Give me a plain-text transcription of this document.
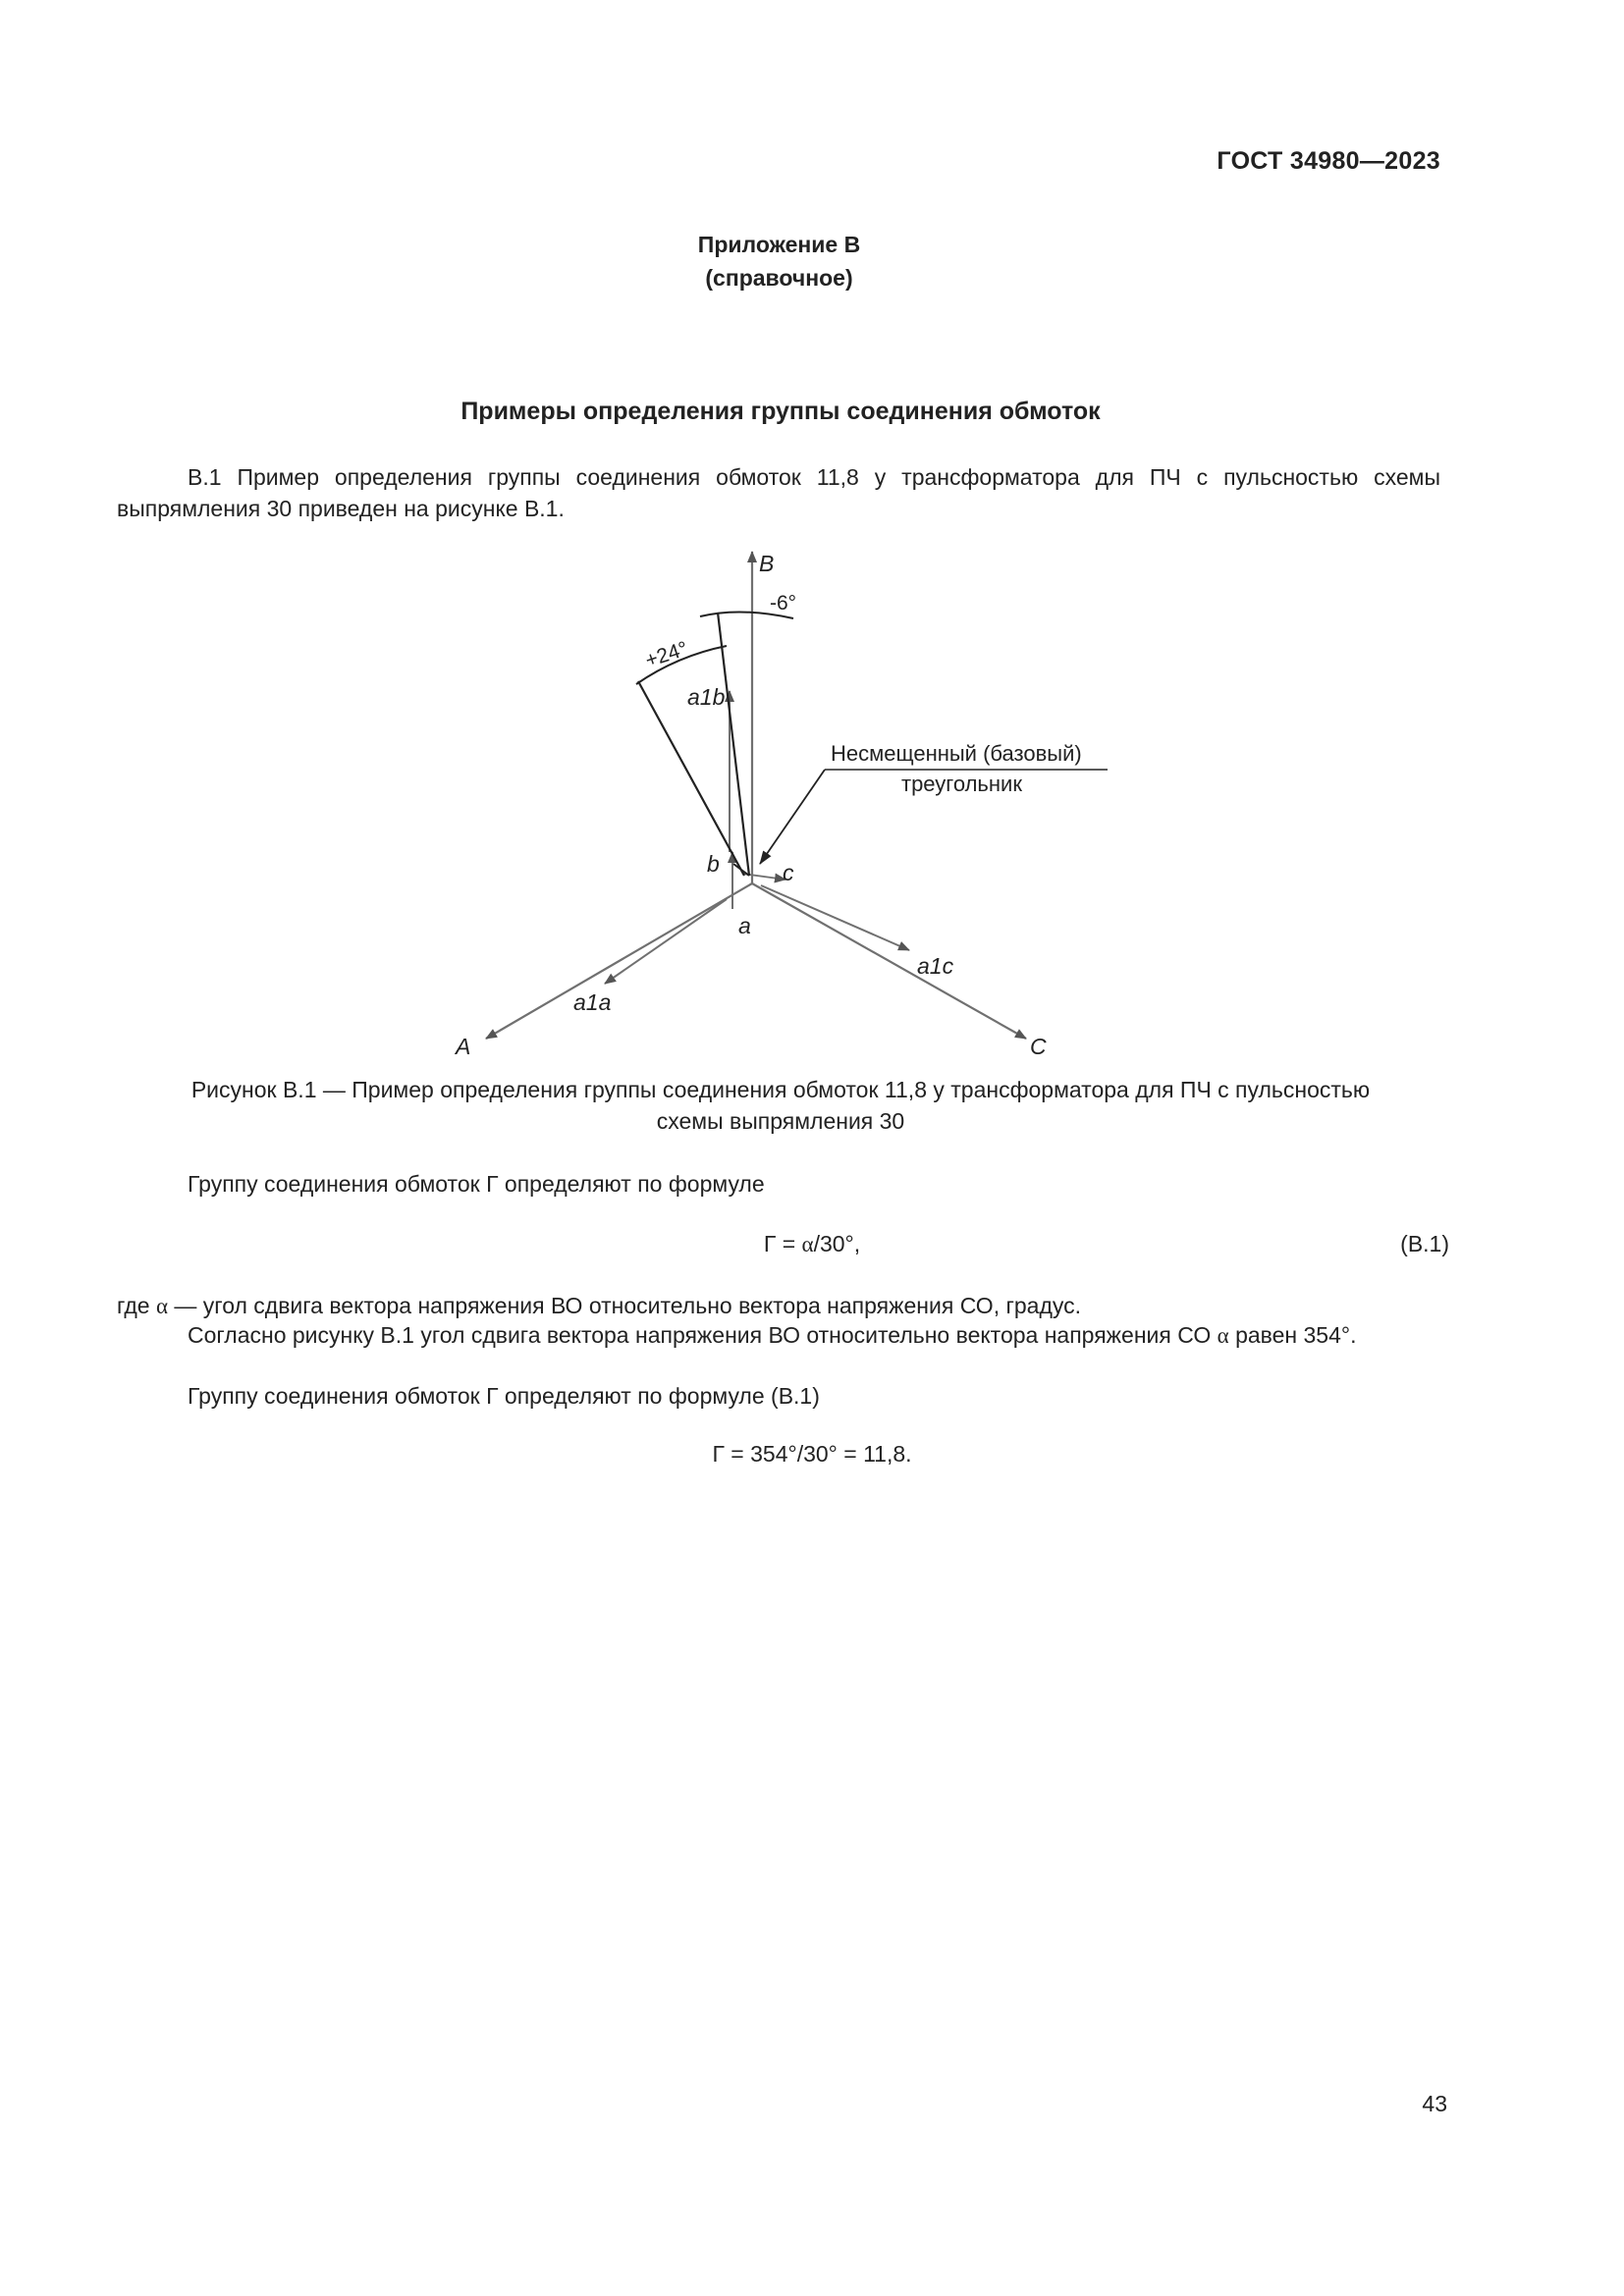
ГОСТ 34980—2023
Приложение В
(справочное)
Примеры определения группы соединения обмоток
В.1 Пример определения группы соединения обмоток 11,8 у трансформатора для ПЧ с пульсностью схемы выпрямления 30 приведен на рисунке В.1.
B
-6°
+24°
a1b
b	c
a
a1c
a1a
A	C
Несмещенный (базовый)
треугольник
Рисунок В.1 — Пример определения группы соединения обмоток 11,8 у трансформатора для ПЧ с пульсностью
схемы выпрямления 30
Группу соединения обмоток Г определяют по формуле
Г = α/30°,	(В.1)
где α — угол сдвига вектора напряжения ВО относительно вектора напряжения СО, градус.
Согласно рисунку В.1 угол сдвига вектора напряжения ВО относительно вектора напряжения СО α равен 354°.
Группу соединения обмоток Г определяют по формуле (В.1)
Г = 354°/30° = 11,8.
43
